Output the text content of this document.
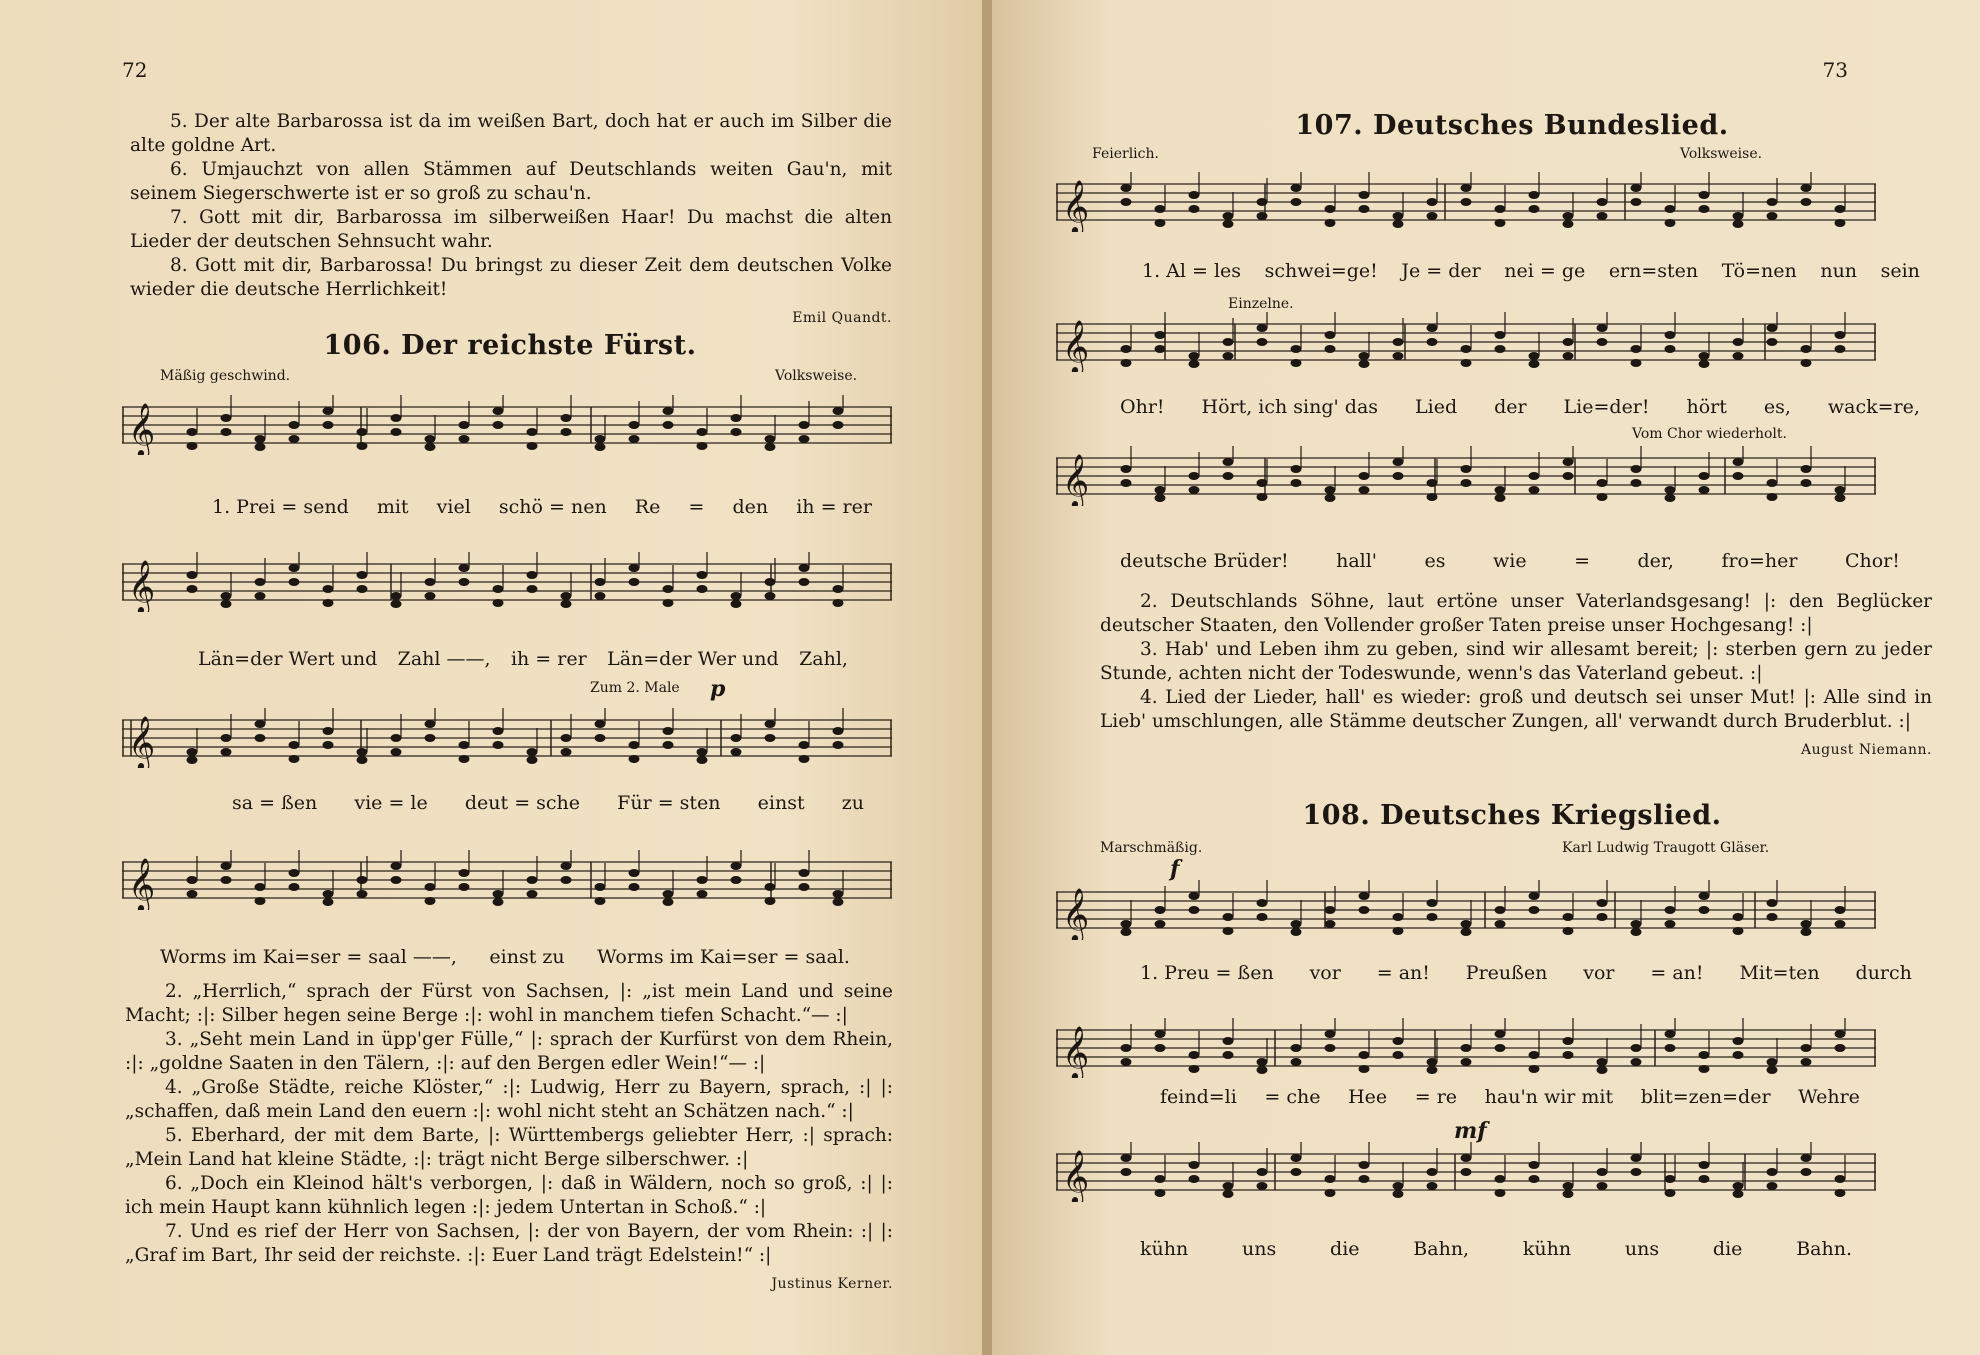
72

5. Der alte Barbarossa ist da im weißen Bart, doch hat er auch im Silber die alte goldne Art.

6. Umjauchzt von allen Stämmen auf Deutschlands weiten Gau'n, mit seinem Siegerschwerte ist er so groß zu schau'n.

7. Gott mit dir, Barbarossa im silberweißen Haar! Du machst die alten Lieder der deutschen Sehnsucht wahr.

8. Gott mit dir, Barbarossa! Du bringst zu dieser Zeit dem deutschen Volke wieder die deutsche Herrlichkeit!

Emil Quandt.
106. Der reichste Fürst.
Mäßig geschwind.	Volksweise.
𝄞
1. Prei = send mit viel schö = nen Re = den ih = rer
𝄞
Län=der Wert und Zahl ——, ih = rer Län=der Wer und Zahl,
Zum 2. Male p
𝄞
sa = ßen vie = le deut = sche Für = sten einst zu
𝄞
Worms im Kai=ser = saal ——, einst zu Worms im Kai=ser = saal.

2. „Herrlich,“ sprach der Fürst von Sachsen, |: „ist mein Land und seine Macht; :|: Silber hegen seine Berge :|: wohl in manchem tiefen Schacht.“— :|

3. „Seht mein Land in üpp'ger Fülle,“ |: sprach der Kurfürst von dem Rhein, :|: „goldne Saaten in den Tälern, :|: auf den Bergen edler Wein!“— :|

4. „Große Städte, reiche Klöster,“ :|: Ludwig, Herr zu Bayern, sprach, :| |: „schaffen, daß mein Land den euern :|: wohl nicht steht an Schätzen nach.“ :|

5. Eberhard, der mit dem Barte, |: Württembergs geliebter Herr, :| sprach: „Mein Land hat kleine Städte, :|: trägt nicht Berge silberschwer. :|

6. „Doch ein Kleinod hält's verborgen, |: daß in Wäldern, noch so groß, :| |: ich mein Haupt kann kühnlich legen :|: jedem Untertan in Schoß.“ :|

7. Und es rief der Herr von Sachsen, |: der von Bayern, der vom Rhein: :| |: „Graf im Bart, Ihr seid der reichste. :|: Euer Land trägt Edelstein!“ :|

Justinus Kerner.
73
107. Deutsches Bundeslied.
Feierlich.	Volksweise.
𝄞
1. Al = les schwei=ge! Je = der nei = ge ern=sten Tö=nen nun sein
Einzelne.
𝄞
Ohr! Hört, ich sing' das Lied der Lie=der! hört es, wack=re,
Vom Chor wiederholt.
𝄞
deutsche Brüder! hall' es wie = der, fro=her Chor!

2. Deutschlands Söhne, laut ertöne unser Vaterlandsgesang! |: den Beglücker deutscher Staaten, den Vollender großer Taten preise unser Hochgesang! :|

3. Hab' und Leben ihm zu geben, sind wir allesamt bereit; |: sterben gern zu jeder Stunde, achten nicht der Todeswunde, wenn's das Vaterland gebeut. :|

4. Lied der Lieder, hall' es wieder: groß und deutsch sei unser Mut! |: Alle sind in Lieb' umschlungen, alle Stämme deutscher Zungen, all' verwandt durch Bruderblut. :|

August Niemann.
108. Deutsches Kriegslied.
Marschmäßig.	Karl Ludwig Traugott Gläser.
f
𝄞
1. Preu = ßen vor = an! Preußen vor = an! Mit=ten durch
𝄞
feind=li = che Hee = re hau'n wir mit blit=zen=der Wehre
mf
𝄞
kühn	uns	die	Bahn,	kühn	uns	die	Bahn.
